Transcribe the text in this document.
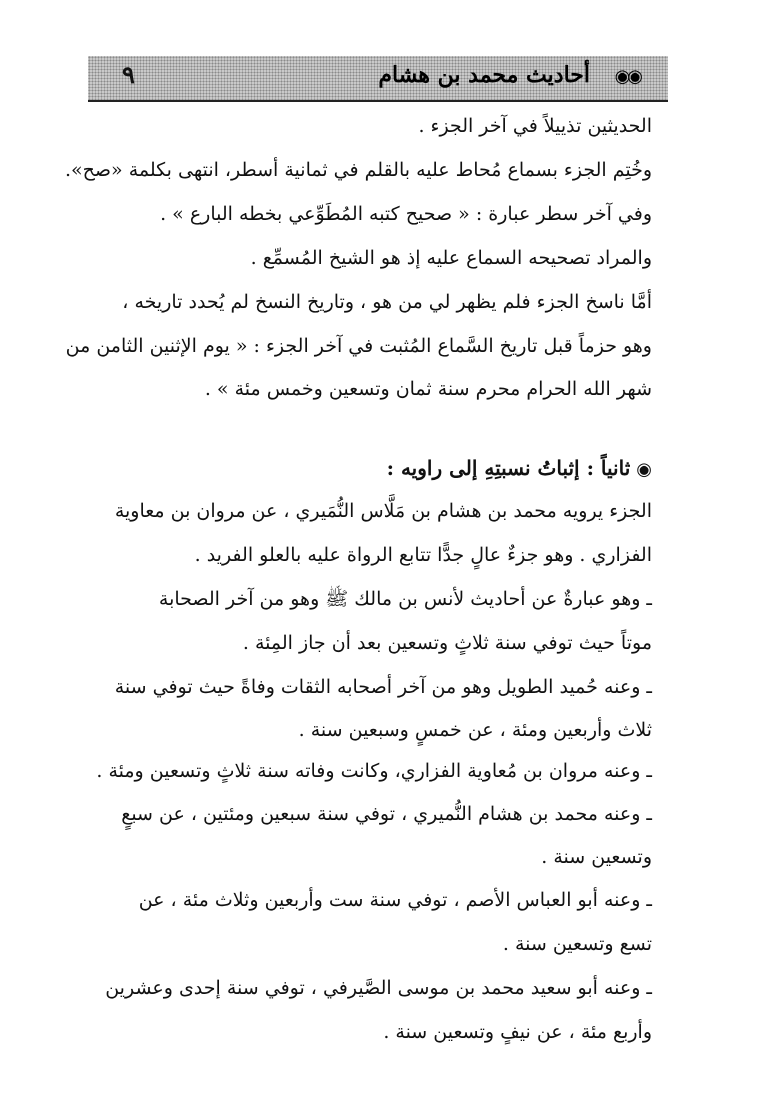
٩	أحاديث محمد بن هشام ◉◉
الحديثين تذييلاً في آخر الجزء .
وخُتِم الجزء بسماع مُحاط عليه بالقلم في ثمانية أسطر، انتهى بكلمة «صح».
وفي آخر سطر عبارة : « صحيح كتبه المُطَوِّعي بخطه البارع » .
والمراد تصحيحه السماع عليه إذ هو الشيخ المُسمِّع .
أمَّا ناسخ الجزء فلم يظهر لي من هو ، وتاريخ النسخ لم يُحدد تاريخه ،
وهو حزماً قبل تاريخ السَّماع المُثبت في آخر الجزء : « يوم الإثنين الثامن من
شهر الله الحرام محرم سنة ثمان وتسعين وخمس مئة » .
◉ثانياً : إثباتُ نسبتِهِ إلى راويه :
الجزء يرويه محمد بن هشام بن مَلَّاس النُّمَيري ، عن مروان بن معاوية
الفزاري . وهو جزءٌ عالٍ جدًّا تتابع الرواة عليه بالعلو الفريد .
ـ وهو عبارةٌ عن أحاديث لأنس بن مالك ﷺ وهو من آخر الصحابة
موتاً حيث توفي سنة ثلاثٍ وتسعين بعد أن جاز المِئة .
ـ وعنه حُميد الطويل وهو من آخر أصحابه الثقات وفاةً حيث توفي سنة
ثلاث وأربعين ومئة ، عن خمسٍ وسبعين سنة .
ـ وعنه مروان بن مُعاوية الفزاري، وكانت وفاته سنة ثلاثٍ وتسعين ومئة .
ـ وعنه محمد بن هشام النُّميري ، توفي سنة سبعين ومئتين ، عن سبعٍ
وتسعين سنة .
ـ وعنه أبو العباس الأصم ، توفي سنة ست وأربعين وثلاث مئة ، عن
تسع وتسعين سنة .
ـ وعنه أبو سعيد محمد بن موسى الصَّيرفي ، توفي سنة إحدى وعشرين
وأربع مئة ، عن نيفٍ وتسعين سنة .
